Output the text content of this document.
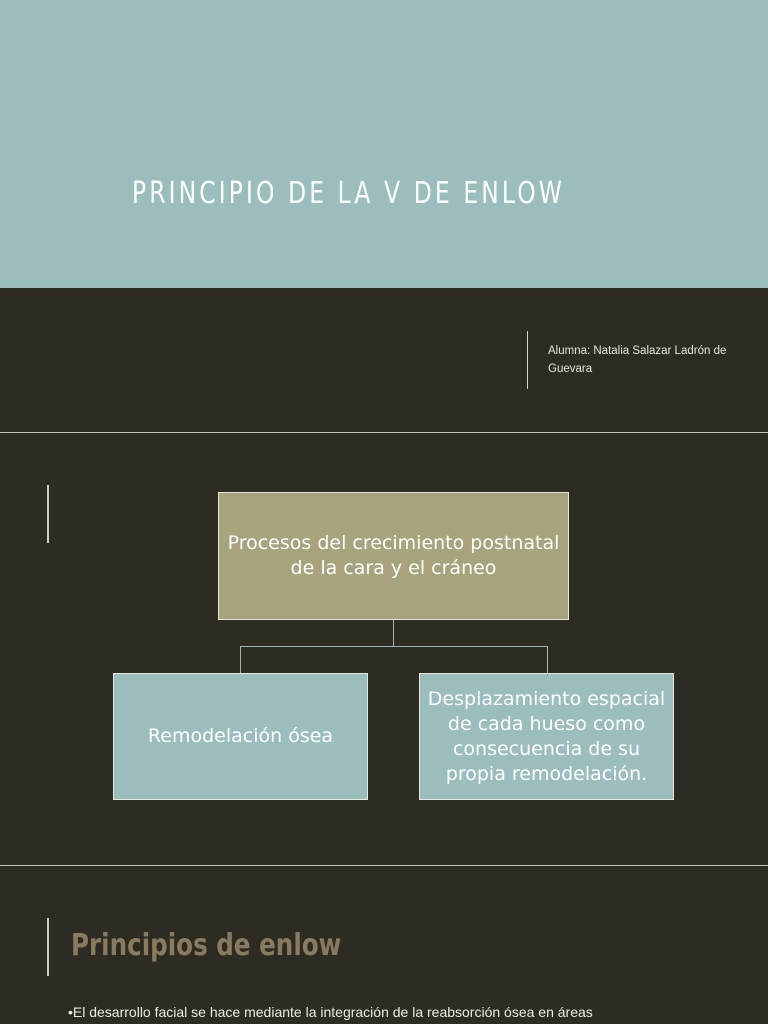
PRINCIPIO DE LA V DE ENLOW
Alumna: Natalia Salazar Ladrón de Guevara
Procesos del crecimiento postnatal de la cara y el cráneo
Remodelación ósea
Desplazamiento espacial de cada hueso como consecuencia de su propia remodelación.
Principios de enlow
•El desarrollo facial se hace mediante la integración de la reabsorción ósea en áreas
